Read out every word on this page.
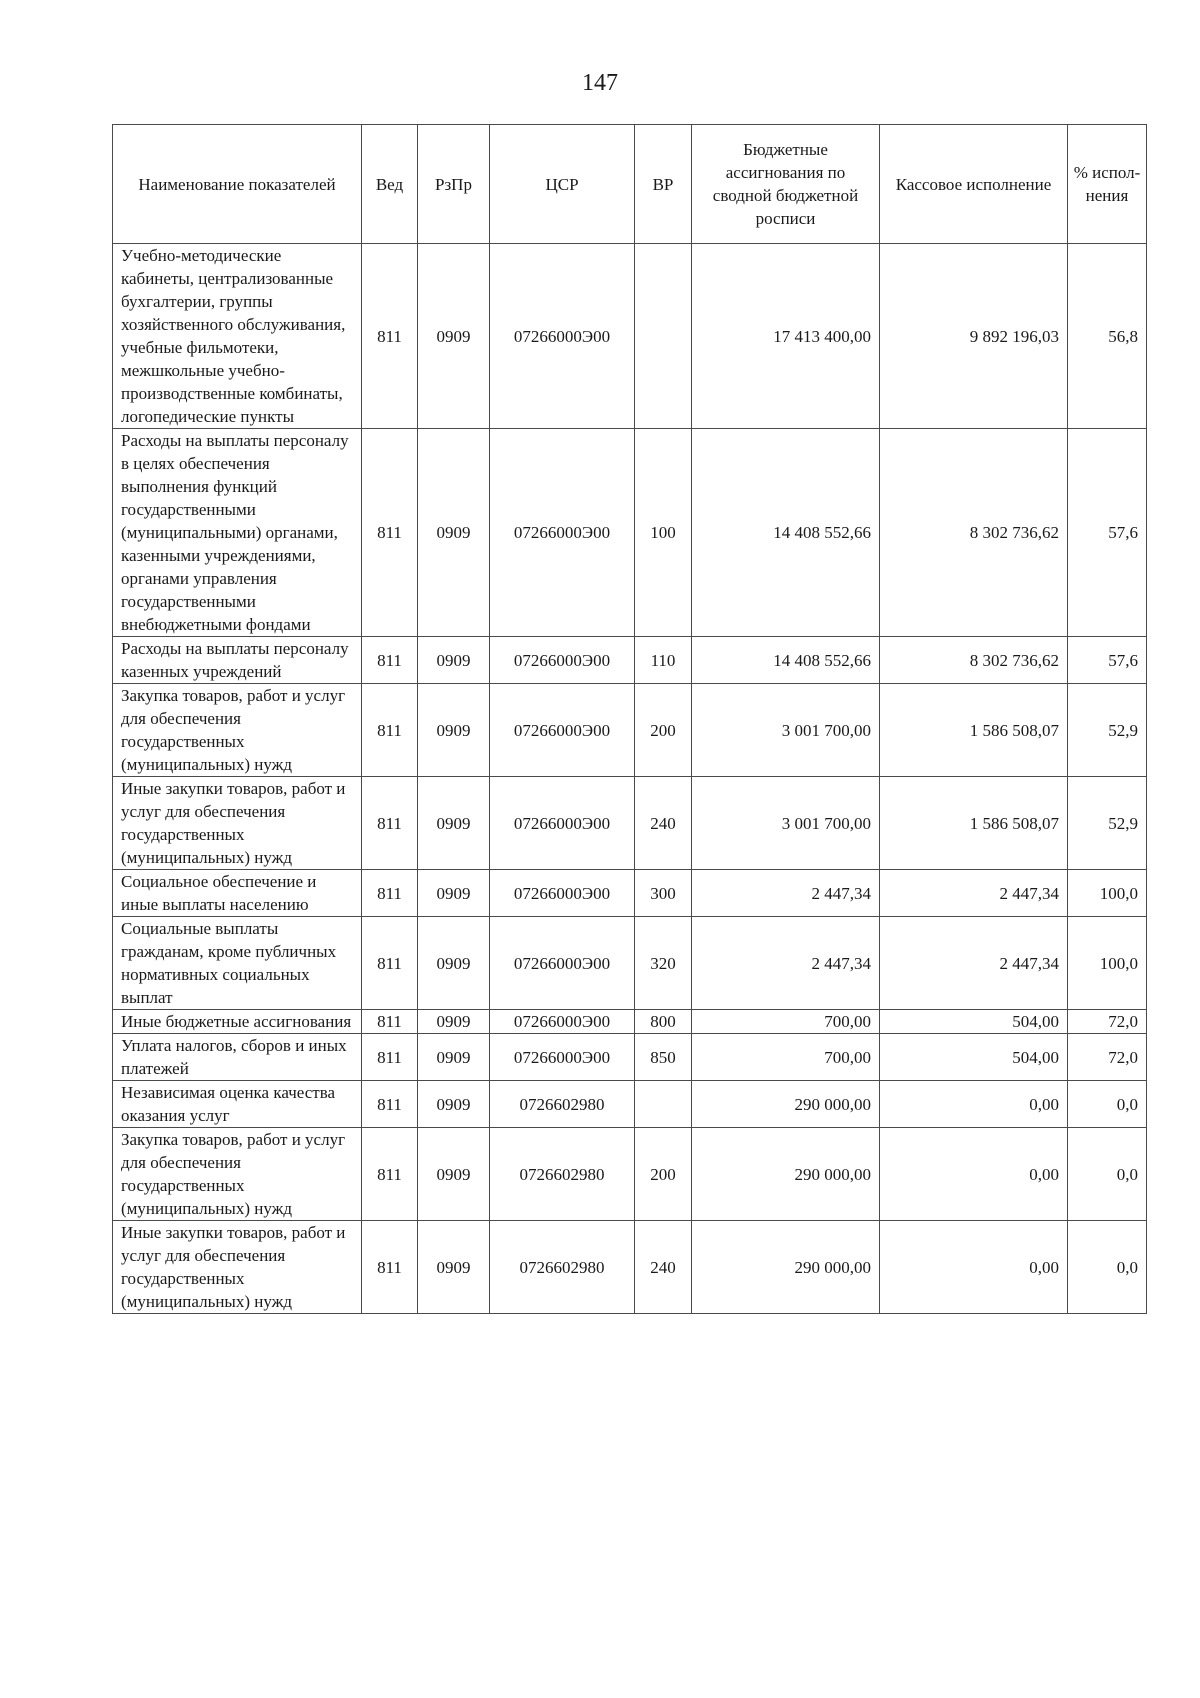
147
Наименование показателей	Вед	РзПр	ЦСР	ВР	Бюджетные ассигнования по сводной бюджетной росписи	Кассовое исполнение	% испол-нения
Учебно-методические кабинеты, централизованные бухгалтерии, группы хозяйственного обслуживания, учебные фильмотеки, межшкольные учебно-производственные комбинаты, логопедические пункты	811	0909	07266000Э00		17 413 400,00	9 892 196,03	56,8
Расходы на выплаты персоналу в целях обеспечения выполнения функций государственными (муниципальными) органами, казенными учреждениями, органами управления государственными внебюджетными фондами	811	0909	07266000Э00	100	14 408 552,66	8 302 736,62	57,6
Расходы на выплаты персоналу казенных учреждений	811	0909	07266000Э00	110	14 408 552,66	8 302 736,62	57,6
Закупка товаров, работ и услуг для обеспечения государственных (муниципальных) нужд	811	0909	07266000Э00	200	3 001 700,00	1 586 508,07	52,9
Иные закупки товаров, работ и услуг для обеспечения государственных (муниципальных) нужд	811	0909	07266000Э00	240	3 001 700,00	1 586 508,07	52,9
Социальное обеспечение и иные выплаты населению	811	0909	07266000Э00	300	2 447,34	2 447,34	100,0
Социальные выплаты гражданам, кроме публичных нормативных социальных выплат	811	0909	07266000Э00	320	2 447,34	2 447,34	100,0
Иные бюджетные ассигнования	811	0909	07266000Э00	800	700,00	504,00	72,0
Уплата налогов, сборов и иных платежей	811	0909	07266000Э00	850	700,00	504,00	72,0
Независимая оценка качества оказания услуг	811	0909	0726602980		290 000,00	0,00	0,0
Закупка товаров, работ и услуг для обеспечения государственных (муниципальных) нужд	811	0909	0726602980	200	290 000,00	0,00	0,0
Иные закупки товаров, работ и услуг для обеспечения государственных (муниципальных) нужд	811	0909	0726602980	240	290 000,00	0,00	0,0
